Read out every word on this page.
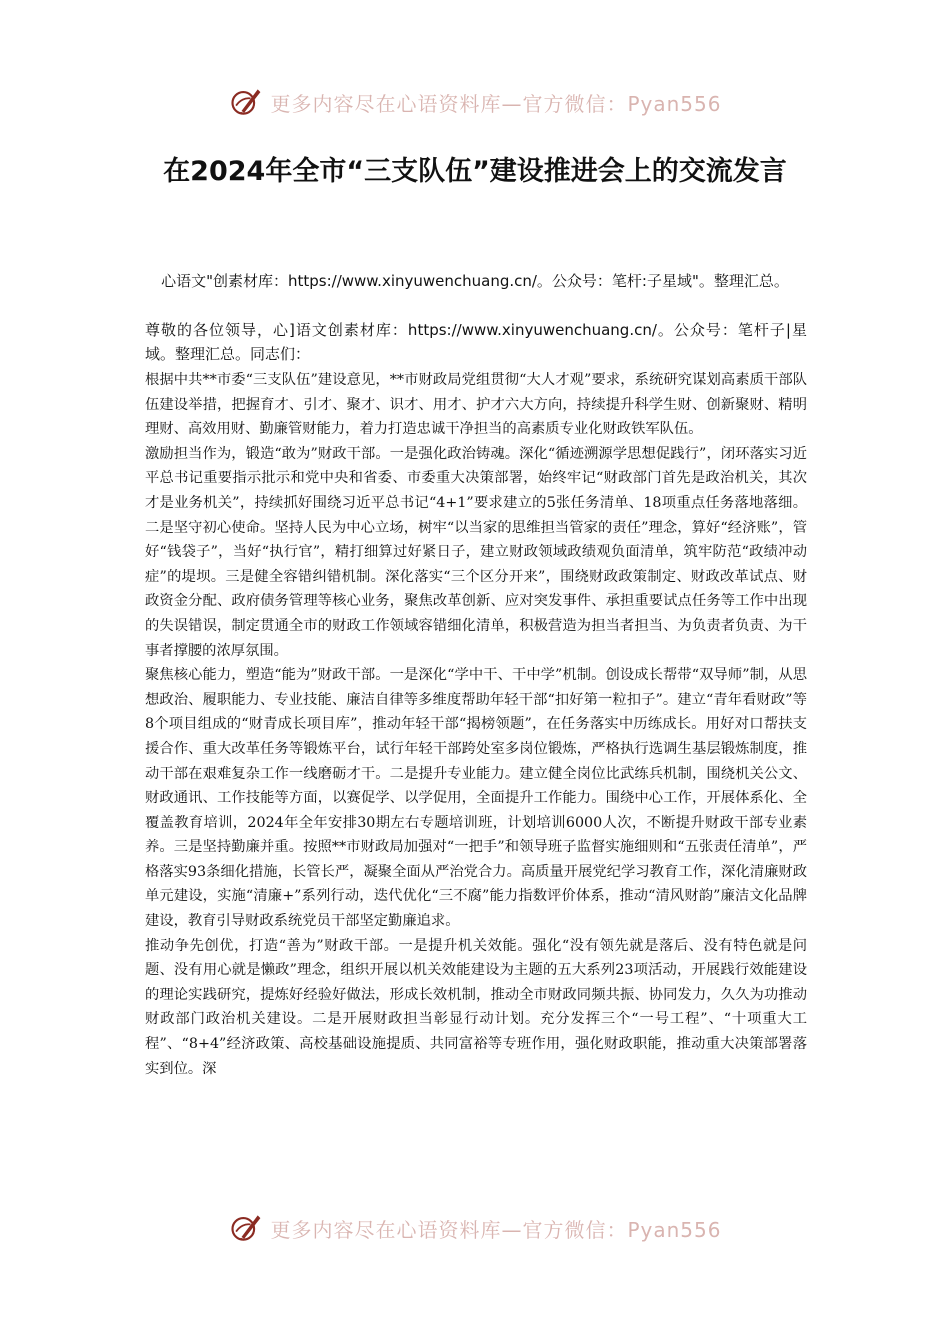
更多内容尽在心语资料库—官方微信：Pyan556
在2024年全市“三支队伍”建设推进会上的交流发言

心语文"创素材库：https://www.xinyuwenchuang.cn/。公众号：笔杆:子星域"。整理汇总。

尊敬的各位领导，心]语文创素材库：https://www.xinyuwenchuang.cn/。公众号：笔杆子|星域。整理汇总。同志们：

根据中共**市委“三支队伍”建设意见，**市财政局党组贯彻“大人才观”要求，系统研究谋划高素质干部队伍建设举措，把握育才、引才、聚才、识才、用才、护才六大方向，持续提升科学生财、创新聚财、精明理财、高效用财、勤廉管财能力，着力打造忠诚干净担当的高素质专业化财政铁军队伍。

激励担当作为，锻造“敢为”财政干部。一是强化政治铸魂。深化“循迹溯源学思想促践行”，闭环落实习近平总书记重要指示批示和党中央和省委、市委重大决策部署，始终牢记“财政部门首先是政治机关，其次才是业务机关”，持续抓好围绕习近平总书记“4+1”要求建立的5张任务清单、18项重点任务落地落细。二是坚守初心使命。坚持人民为中心立场，树牢“以当家的思维担当管家的责任”理念，算好“经济账”，管好“钱袋子”，当好“执行官”，精打细算过好紧日子，建立财政领域政绩观负面清单，筑牢防范“政绩冲动症”的堤坝。三是健全容错纠错机制。深化落实“三个区分开来”，围绕财政政策制定、财政改革试点、财政资金分配、政府债务管理等核心业务，聚焦改革创新、应对突发事件、承担重要试点任务等工作中出现的失误错误，制定贯通全市的财政工作领域容错细化清单，积极营造为担当者担当、为负责者负责、为干事者撑腰的浓厚氛围。

聚焦核心能力，塑造“能为”财政干部。一是深化“学中干、干中学”机制。创设成长帮带“双导师”制，从思想政治、履职能力、专业技能、廉洁自律等多维度帮助年轻干部“扣好第一粒扣子”。建立“青年看财政”等8个项目组成的“财青成长项目库”，推动年轻干部“揭榜领题”，在任务落实中历练成长。用好对口帮扶支援合作、重大改革任务等锻炼平台，试行年轻干部跨处室多岗位锻炼，严格执行选调生基层锻炼制度，推动干部在艰难复杂工作一线磨砺才干。二是提升专业能力。建立健全岗位比武练兵机制，围绕机关公文、财政通讯、工作技能等方面，以赛促学、以学促用，全面提升工作能力。围绕中心工作，开展体系化、全覆盖教育培训，2024年全年安排30期左右专题培训班，计划培训6000人次，不断提升财政干部专业素养。三是坚持勤廉并重。按照**市财政局加强对“一把手”和领导班子监督实施细则和“五张责任清单”，严格落实93条细化措施，长管长严，凝聚全面从严治党合力。高质量开展党纪学习教育工作，深化清廉财政单元建设，实施“清廉+”系列行动，迭代优化“三不腐”能力指数评价体系，推动“清风财韵”廉洁文化品牌建设，教育引导财政系统党员干部坚定勤廉追求。

推动争先创优，打造“善为”财政干部。一是提升机关效能。强化“没有领先就是落后、没有特色就是问题、没有用心就是懒政”理念，组织开展以机关效能建设为主题的五大系列23项活动，开展践行效能建设的理论实践研究，提炼好经验好做法，形成长效机制，推动全市财政同频共振、协同发力，久久为功推动财政部门政治机关建设。二是开展财政担当彰显行动计划。充分发挥三个“一号工程”、“十项重大工程”、“8+4”经济政策、高校基础设施提质、共同富裕等专班作用，强化财政职能，推动重大决策部署落实到位。深

更多内容尽在心语资料库—官方微信：Pyan556
